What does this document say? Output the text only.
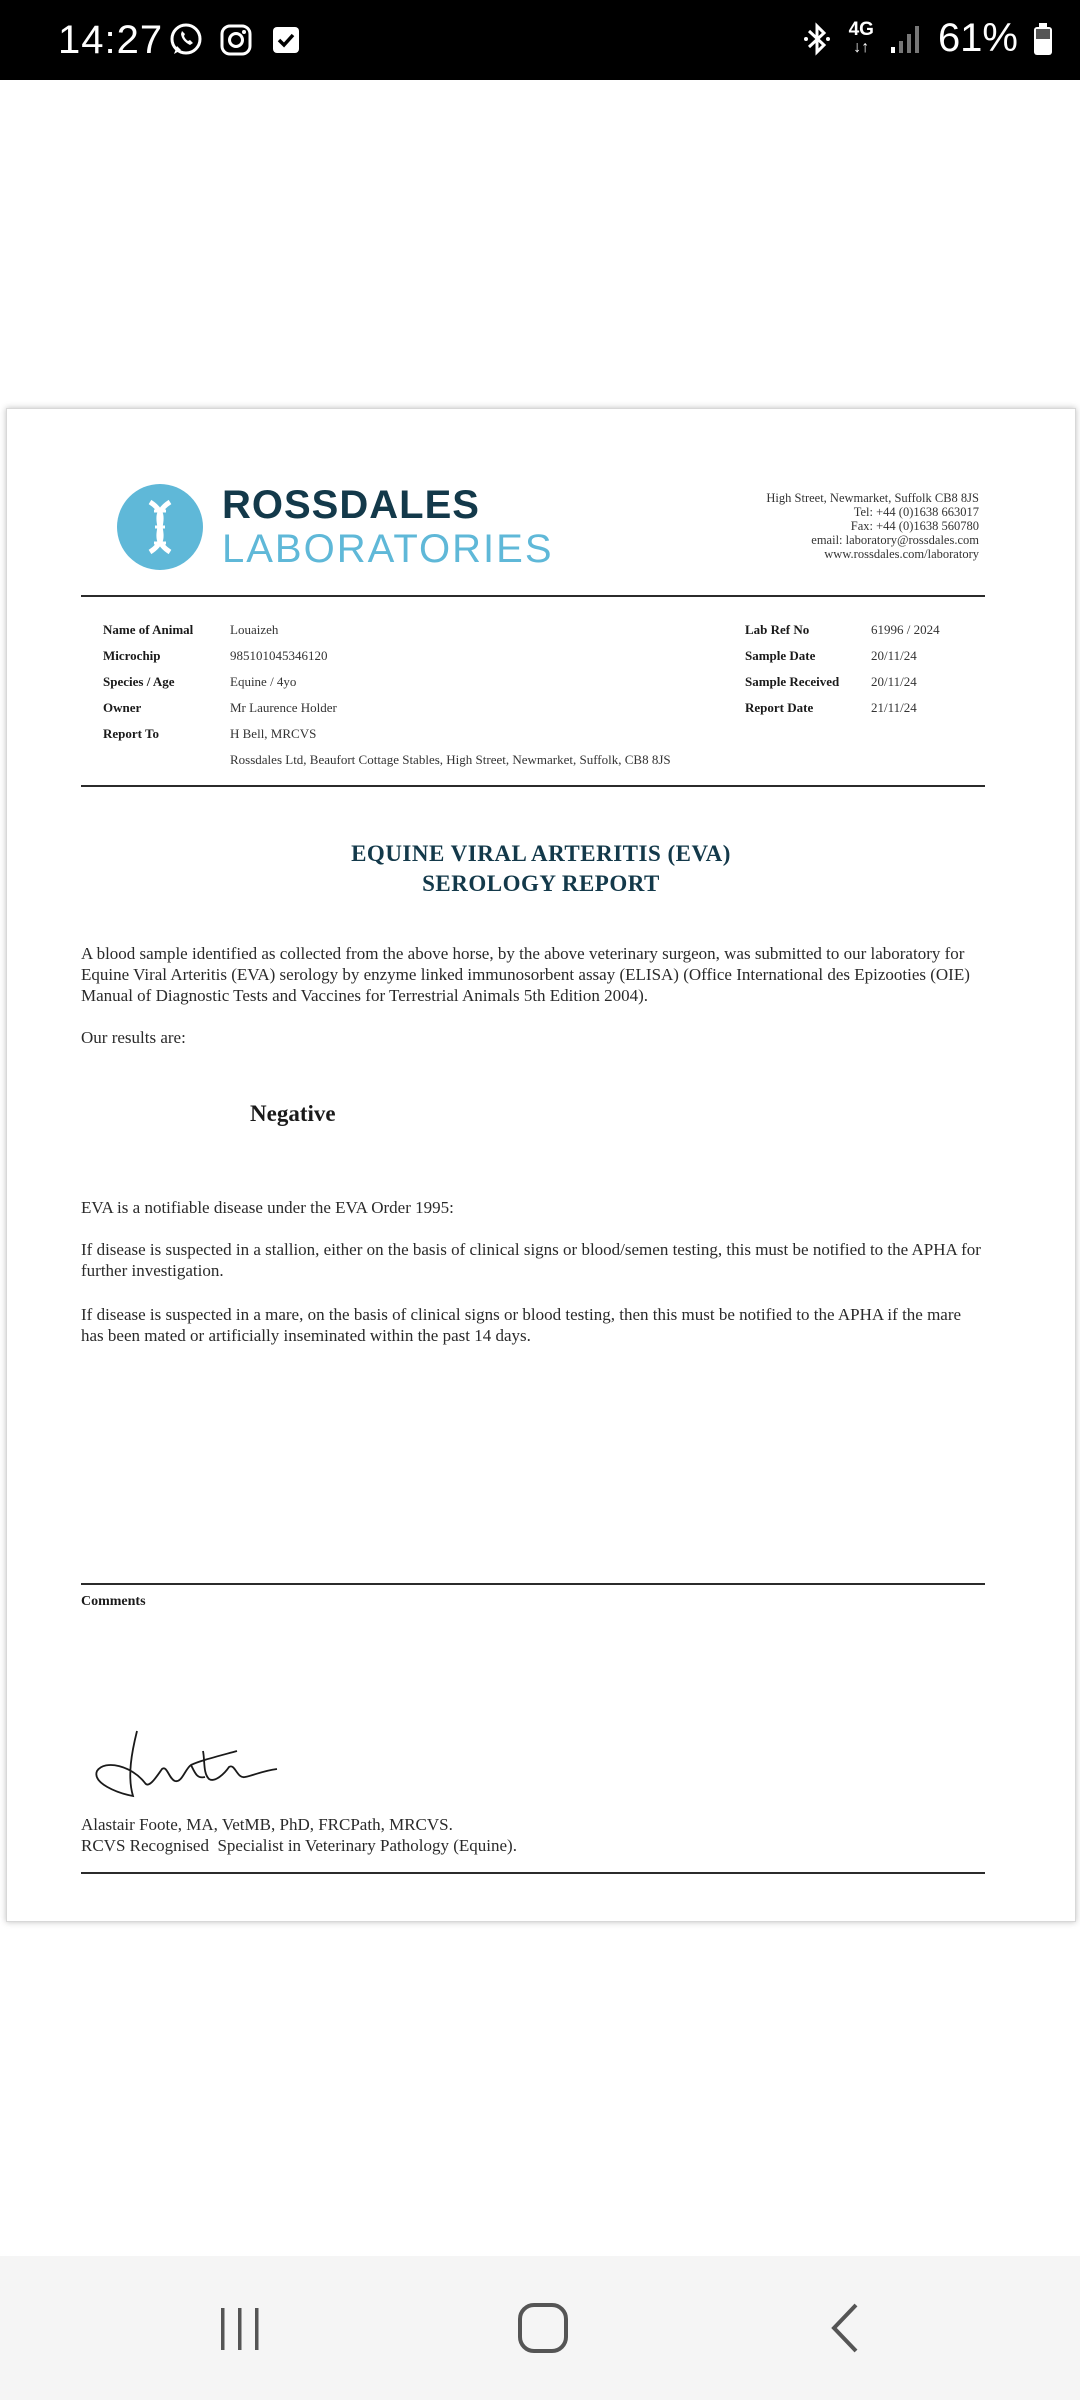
14:27	4G
↓↑ 61%
ROSSDALES
LABORATORIES
High Street, Newmarket, Suffolk CB8 8JS
Tel: +44 (0)1638 663017
Fax: +44 (0)1638 560780
email: laboratory@rossdales.com
www.rossdales.com/laboratory
Name of Animal	Louaizeh
Microchip	985101045346120
Species / Age	Equine / 4yo
Owner	Mr Laurence Holder
Report To	H Bell, MRCVS
Rossdales Ltd, Beaufort Cottage Stables, High Street, Newmarket, Suffolk, CB8 8JS
Lab Ref No	61996 / 2024
Sample Date	20/11/24
Sample Received 20/11/24
Report Date	21/11/24
EQUINE VIRAL ARTERITIS (EVA)
SEROLOGY REPORT
A blood sample identified as collected from the above horse, by the above veterinary surgeon, was submitted to our laboratory for Equine Viral Arteritis (EVA) serology by enzyme linked immunosorbent assay (ELISA) (Office International des Epizooties (OIE) Manual of Diagnostic Tests and Vaccines for Terrestrial Animals 5th Edition 2004).
Our results are:
Negative
EVA is a notifiable disease under the EVA Order 1995:
If disease is suspected in a stallion, either on the basis of clinical signs or blood/semen testing, this must be notified to the APHA for further investigation.
If disease is suspected in a mare, on the basis of clinical signs or blood testing, then this must be notified to the APHA if the mare has been mated or artificially inseminated within the past 14 days.
Comments
Alastair Foote, MA, VetMB, PhD, FRCPath, MRCVS.
RCVS Recognised  Specialist in Veterinary Pathology (Equine).
